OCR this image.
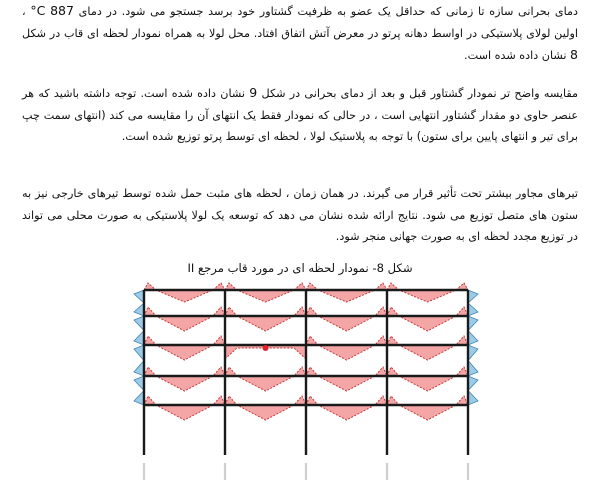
دمای بحرانی سازه تا زمانی که حداقل یک عضو به ظرفیت گشتاور خود برسد جستجو می شود. در دمای 887 C° ، اولین لولای پلاستیکی در اواسط دهانه پرتو در معرض آتش اتفاق افتاد. محل لولا به همراه نمودار لحظه ای قاب در شکل 8 نشان داده شده است.
مقایسه واضح تر نمودار گشتاور قبل و بعد از دمای بحرانی در شکل 9 نشان داده شده است. توجه داشته باشید که هر عنصر حاوی دو مقدار گشتاور انتهایی است ، در حالی که نمودار فقط یک انتهای آن را مقایسه می کند (انتهای سمت چپ برای تیر و انتهای پایین برای ستون) با توجه به پلاستیک لولا ، لحظه ای توسط پرتو توزیع شده است.
تیرهای مجاور بیشتر تحت تأثیر قرار می گیرند. در همان زمان ، لحظه های مثبت حمل شده توسط تیرهای خارجی نیز به ستون های متصل توزیع می شود. نتایج ارائه شده نشان می دهد که توسعه یک لولا پلاستیکی به صورت محلی می تواند در توزیع مجدد لحظه ای به صورت جهانی منجر شود.
شکل 8- نمودار لحظه ای در مورد قاب مرجع II
